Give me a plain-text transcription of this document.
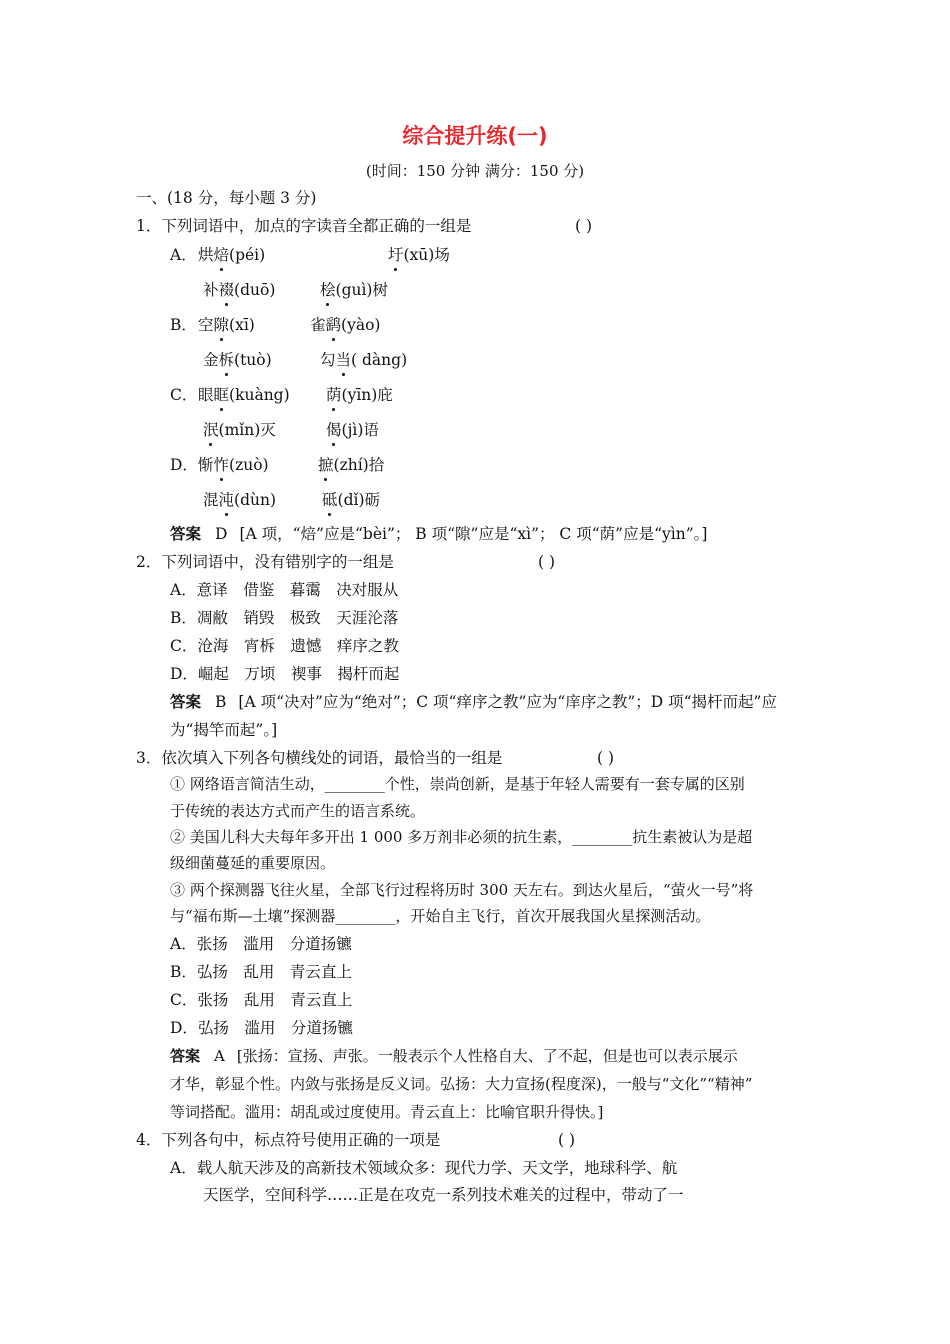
综合提升练(一)
(时间：150 分钟 满分：150 分)
一、(18 分，每小题 3 分)
1．下列词语中，加点的字读音全都正确的一组是	( )
A． 烘焙(péi)	圩(xū)场
补裰(duō)	桧(guì)树
B． 空隙(xī)	雀鹞(yào)
金柝(tuò)	勾当( dàng)
C． 眼眶(kuàng) 荫(yīn)庇
泯(mǐn)灭	偈(jì)语
D． 惭怍(zuò)	摭(zhí)拾
混沌(dùn)	砥(dǐ)砺
答案 D [A 项，“焙”应是“bèi”； B 项“隙”应是“xì”； C 项“荫”应是“yìn”。]
2．下列词语中，没有错别字的一组是	( )
A．意译　借鉴　暮霭　决对服从
B．凋敝　销毁　极致　天涯沦落
C．沧海　宵柝　遗憾　痒序之教
D．崛起　万顷　褉事　揭杆而起
答案 B [A 项“决对”应为“绝对”；C 项“痒序之教”应为“庠序之教”；D 项“揭杆而起”应
为“揭竿而起”。]
3．依次填入下列各句横线处的词语，最恰当的一组是	( )
① 网络语言简洁生动，________个性，崇尚创新，是基于年轻人需要有一套专属的区别
于传统的表达方式而产生的语言系统。
② 美国儿科大夫每年多开出 1 000 多万剂非必须的抗生素，________抗生素被认为是超
级细菌蔓延的重要原因。
③ 两个探测器飞往火星，全部飞行过程将历时 300 天左右。到达火星后，“萤火一号”将
与“福布斯—土壤”探测器________，开始自主飞行，首次开展我国火星探测活动。
A．张扬　滥用　分道扬镳
B．弘扬　乱用　青云直上
C．张扬　乱用　青云直上
D．弘扬　滥用　分道扬镳
答案 A [张扬：宣扬、声张。一般表示个人性格自大、了不起，但是也可以表示展示
才华，彰显个性。内敛与张扬是反义词。弘扬：大力宣扬(程度深)，一般与“文化”“精神”
等词搭配。滥用：胡乱或过度使用。青云直上：比喻官职升得快。]
4．下列各句中，标点符号使用正确的一项是	( )
A．载人航天涉及的高新技术领域众多：现代力学、天文学，地球科学、航
天医学，空间科学……正是在攻克一系列技术难关的过程中，带动了一
